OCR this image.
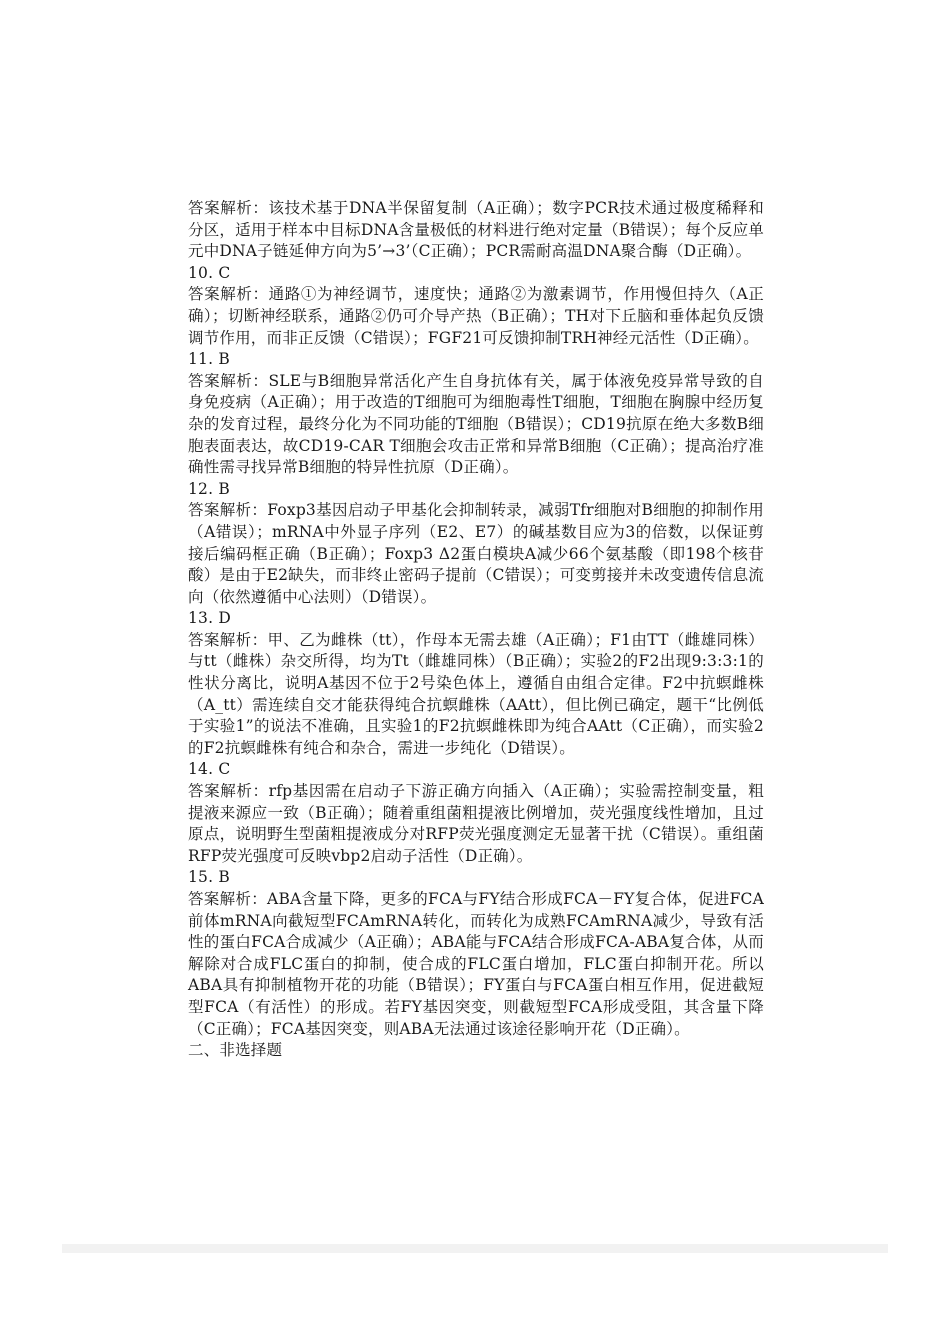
答案解析：该技术基于DNA半保留复制（A正确）；数字PCR技术通过极度稀释和分区，适用于样本中目标DNA含量极低的材料进行绝对定量（B错误）；每个反应单元中DNA子链延伸方向为5’→3’（C正确）；PCR需耐高温DNA聚合酶（D正确）。

10. C

答案解析：通路①为神经调节，速度快；通路②为激素调节，作用慢但持久（A正确）；切断神经联系，通路②仍可介导产热（B正确）；TH对下丘脑和垂体起负反馈调节作用，而非正反馈（C错误）；FGF21可反馈抑制TRH神经元活性（D正确）。

11. B

答案解析：SLE与B细胞异常活化产生自身抗体有关，属于体液免疫异常导致的自身免疫病（A正确）；用于改造的T细胞可为细胞毒性T细胞，T细胞在胸腺中经历复杂的发育过程，最终分化为不同功能的T细胞（B错误）；CD19抗原在绝大多数B细胞表面表达，故CD19-CAR T细胞会攻击正常和异常B细胞（C正确）；提高治疗准确性需寻找异常B细胞的特异性抗原（D正确）。

12. B

答案解析：Foxp3基因启动子甲基化会抑制转录，减弱Tfr细胞对B细胞的抑制作用（A错误）；mRNA中外显子序列（E2、E7）的碱基数目应为3的倍数，以保证剪接后编码框正确（B正确）；Foxp3 Δ2蛋白模块A减少66个氨基酸（即198个核苷酸）是由于E2缺失，而非终止密码子提前（C错误）；可变剪接并未改变遗传信息流向（依然遵循中心法则）（D错误）。

13. D

答案解析：甲、乙为雌株（tt），作母本无需去雄（A正确）；F1由TT（雌雄同株）与tt（雌株）杂交所得，均为Tt（雌雄同株）（B正确）；实验2的F2出现9:3:3:1的性状分离比，说明A基因不位于2号染色体上，遵循自由组合定律。F2中抗螟雌株（A_tt）需连续自交才能获得纯合抗螟雌株（AAtt），但比例已确定，题干“比例低于实验1”的说法不准确，且实验1的F2抗螟雌株即为纯合AAtt（C正确），而实验2的F2抗螟雌株有纯合和杂合，需进一步纯化（D错误）。

14. C

答案解析：rfp基因需在启动子下游正确方向插入（A正确）；实验需控制变量，粗提液来源应一致（B正确）；随着重组菌粗提液比例增加，荧光强度线性增加，且过原点，说明野生型菌粗提液成分对RFP荧光强度测定无显著干扰（C错误）。重组菌RFP荧光强度可反映vbp2启动子活性（D正确）。

15. B

答案解析：ABA含量下降，更多的FCA与FY结合形成FCA－FY复合体，促进FCA前体mRNA向截短型FCAmRNA转化，而转化为成熟FCAmRNA减少，导致有活性的蛋白FCA合成减少（A正确）；ABA能与FCA结合形成FCA-ABA复合体，从而解除对合成FLC蛋白的抑制，使合成的FLC蛋白增加，FLC蛋白抑制开花。所以ABA具有抑制植物开花的功能（B错误）；FY蛋白与FCA蛋白相互作用，促进截短型FCA（有活性）的形成。若FY基因突变，则截短型FCA形成受阻，其含量下降（C正确）；FCA基因突变，则ABA无法通过该途径影响开花（D正确）。

二、非选择题
